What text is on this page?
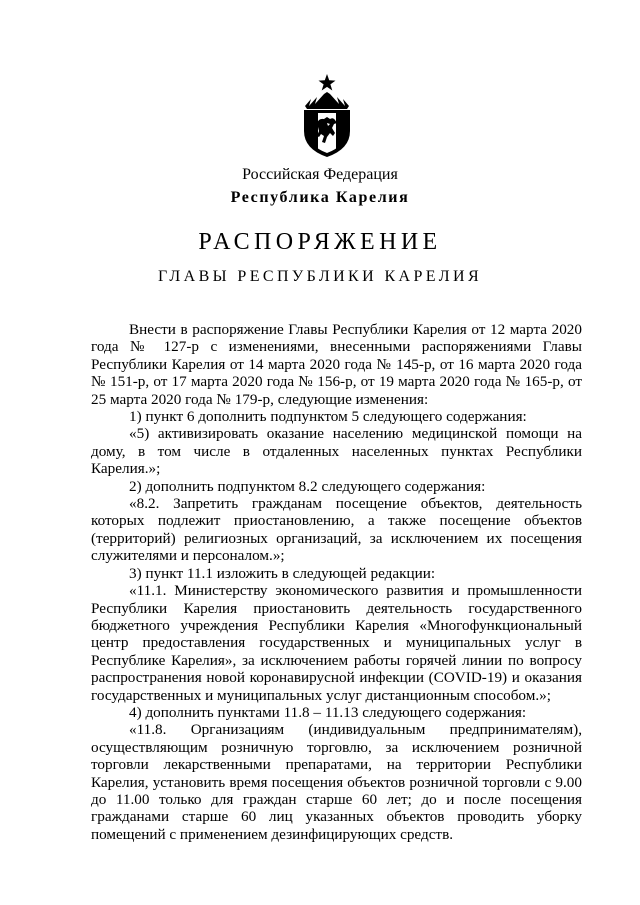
Российская Федерация
Республика Карелия
РАСПОРЯЖЕНИЕ
ГЛАВЫ РЕСПУБЛИКИ КАРЕЛИЯ

Внести в распоряжение Главы Республики Карелия от 12 марта 2020 года № 127-р с изменениями, внесенными распоряжениями Главы Республики Карелия от 14 марта 2020 года № 145-р, от 16 марта 2020 года № 151-р, от 17 марта 2020 года № 156-р, от 19 марта 2020 года № 165-р, от 25 марта 2020 года № 179-р, следующие изменения:

1) пункт 6 дополнить подпунктом 5 следующего содержания:

«5) активизировать оказание населению медицинской помощи на дому, в том числе в отдаленных населенных пунктах Республики Карелия.»;

2) дополнить подпунктом 8.2 следующего содержания:

«8.2. Запретить гражданам посещение объектов, деятельность которых подлежит приостановлению, а также посещение объектов (территорий) религиозных организаций, за исключением их посещения служителями и персоналом.»;

3) пункт 11.1 изложить в следующей редакции:

«11.1. Министерству экономического развития и промышленности Республики Карелия приостановить деятельность государственного бюджетного учреждения Республики Карелия «Многофункциональный центр предоставления государственных и муниципальных услуг в Республике Карелия», за исключением работы горячей линии по вопросу распространения новой коронавирусной инфекции (COVID-19) и оказания государственных и муниципальных услуг дистанционным способом.»;

4) дополнить пунктами 11.8 – 11.13 следующего содержания:

«11.8. Организациям (индивидуальным предпринимателям), осуществляющим розничную торговлю, за исключением розничной торговли лекарственными препаратами, на территории Республики Карелия, установить время посещения объектов розничной торговли с 9.00 до 11.00 только для граждан старше 60 лет; до и после посещения гражданами старше 60 лиц указанных объектов проводить уборку помещений с применением дезинфицирующих средств.
